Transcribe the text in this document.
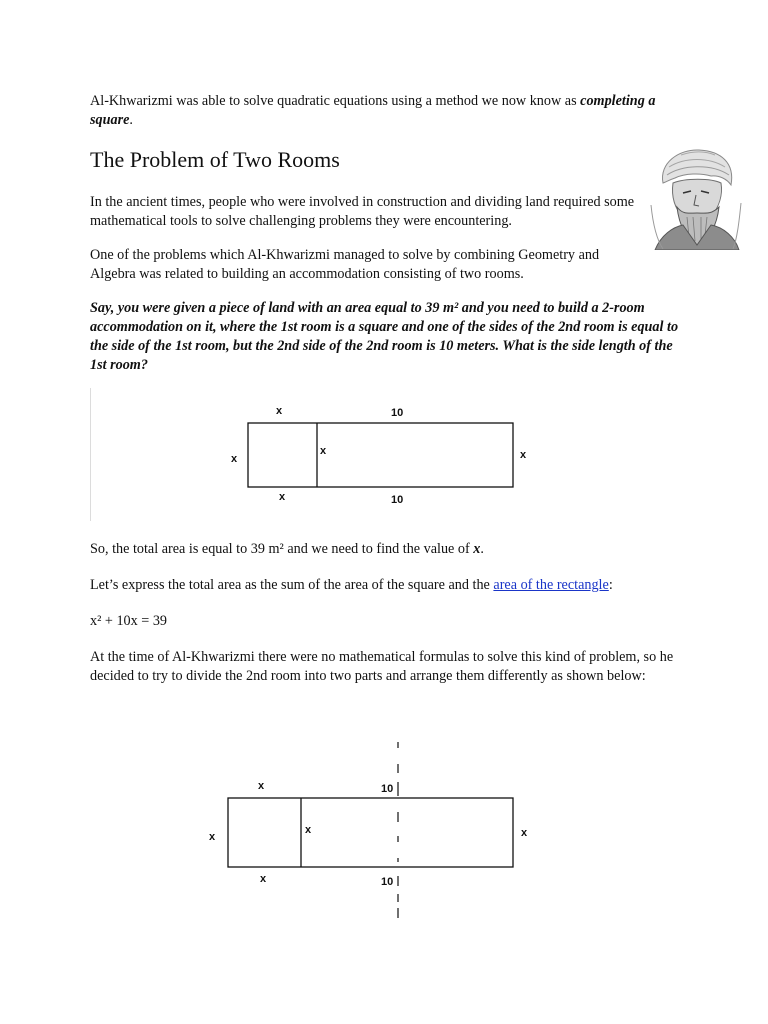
Al-Khwarizmi was able to solve quadratic equations using a method we now know as completing a square.

The Problem of Two Rooms

In the ancient times, people who were involved in construction and dividing land required some mathematical tools to solve challenging problems they were encountering.

One of the problems which Al-Khwarizmi managed to solve by combining Geometry and Algebra was related to building an accommodation consisting of two rooms.

Say, you were given a piece of land with an area equal to 39 m² and you need to build a 2-room accommodation on it, where the 1st room is a square and one of the sides of the 2nd room is equal to the side of the 1st room, but the 2nd side of the 2nd room is 10 meters. What is the side length of the 1st room?

x	10
x
x	x
x	10
x	10
x
x	x
x	10

So, the total area is equal to 39 m² and we need to find the value of x.

Let’s express the total area as the sum of the area of the square and the area of the rectangle:

x² + 10x = 39

At the time of Al-Khwarizmi there were no mathematical formulas to solve this kind of problem, so he decided to try to divide the 2nd room into two parts and arrange them differently as shown below:
